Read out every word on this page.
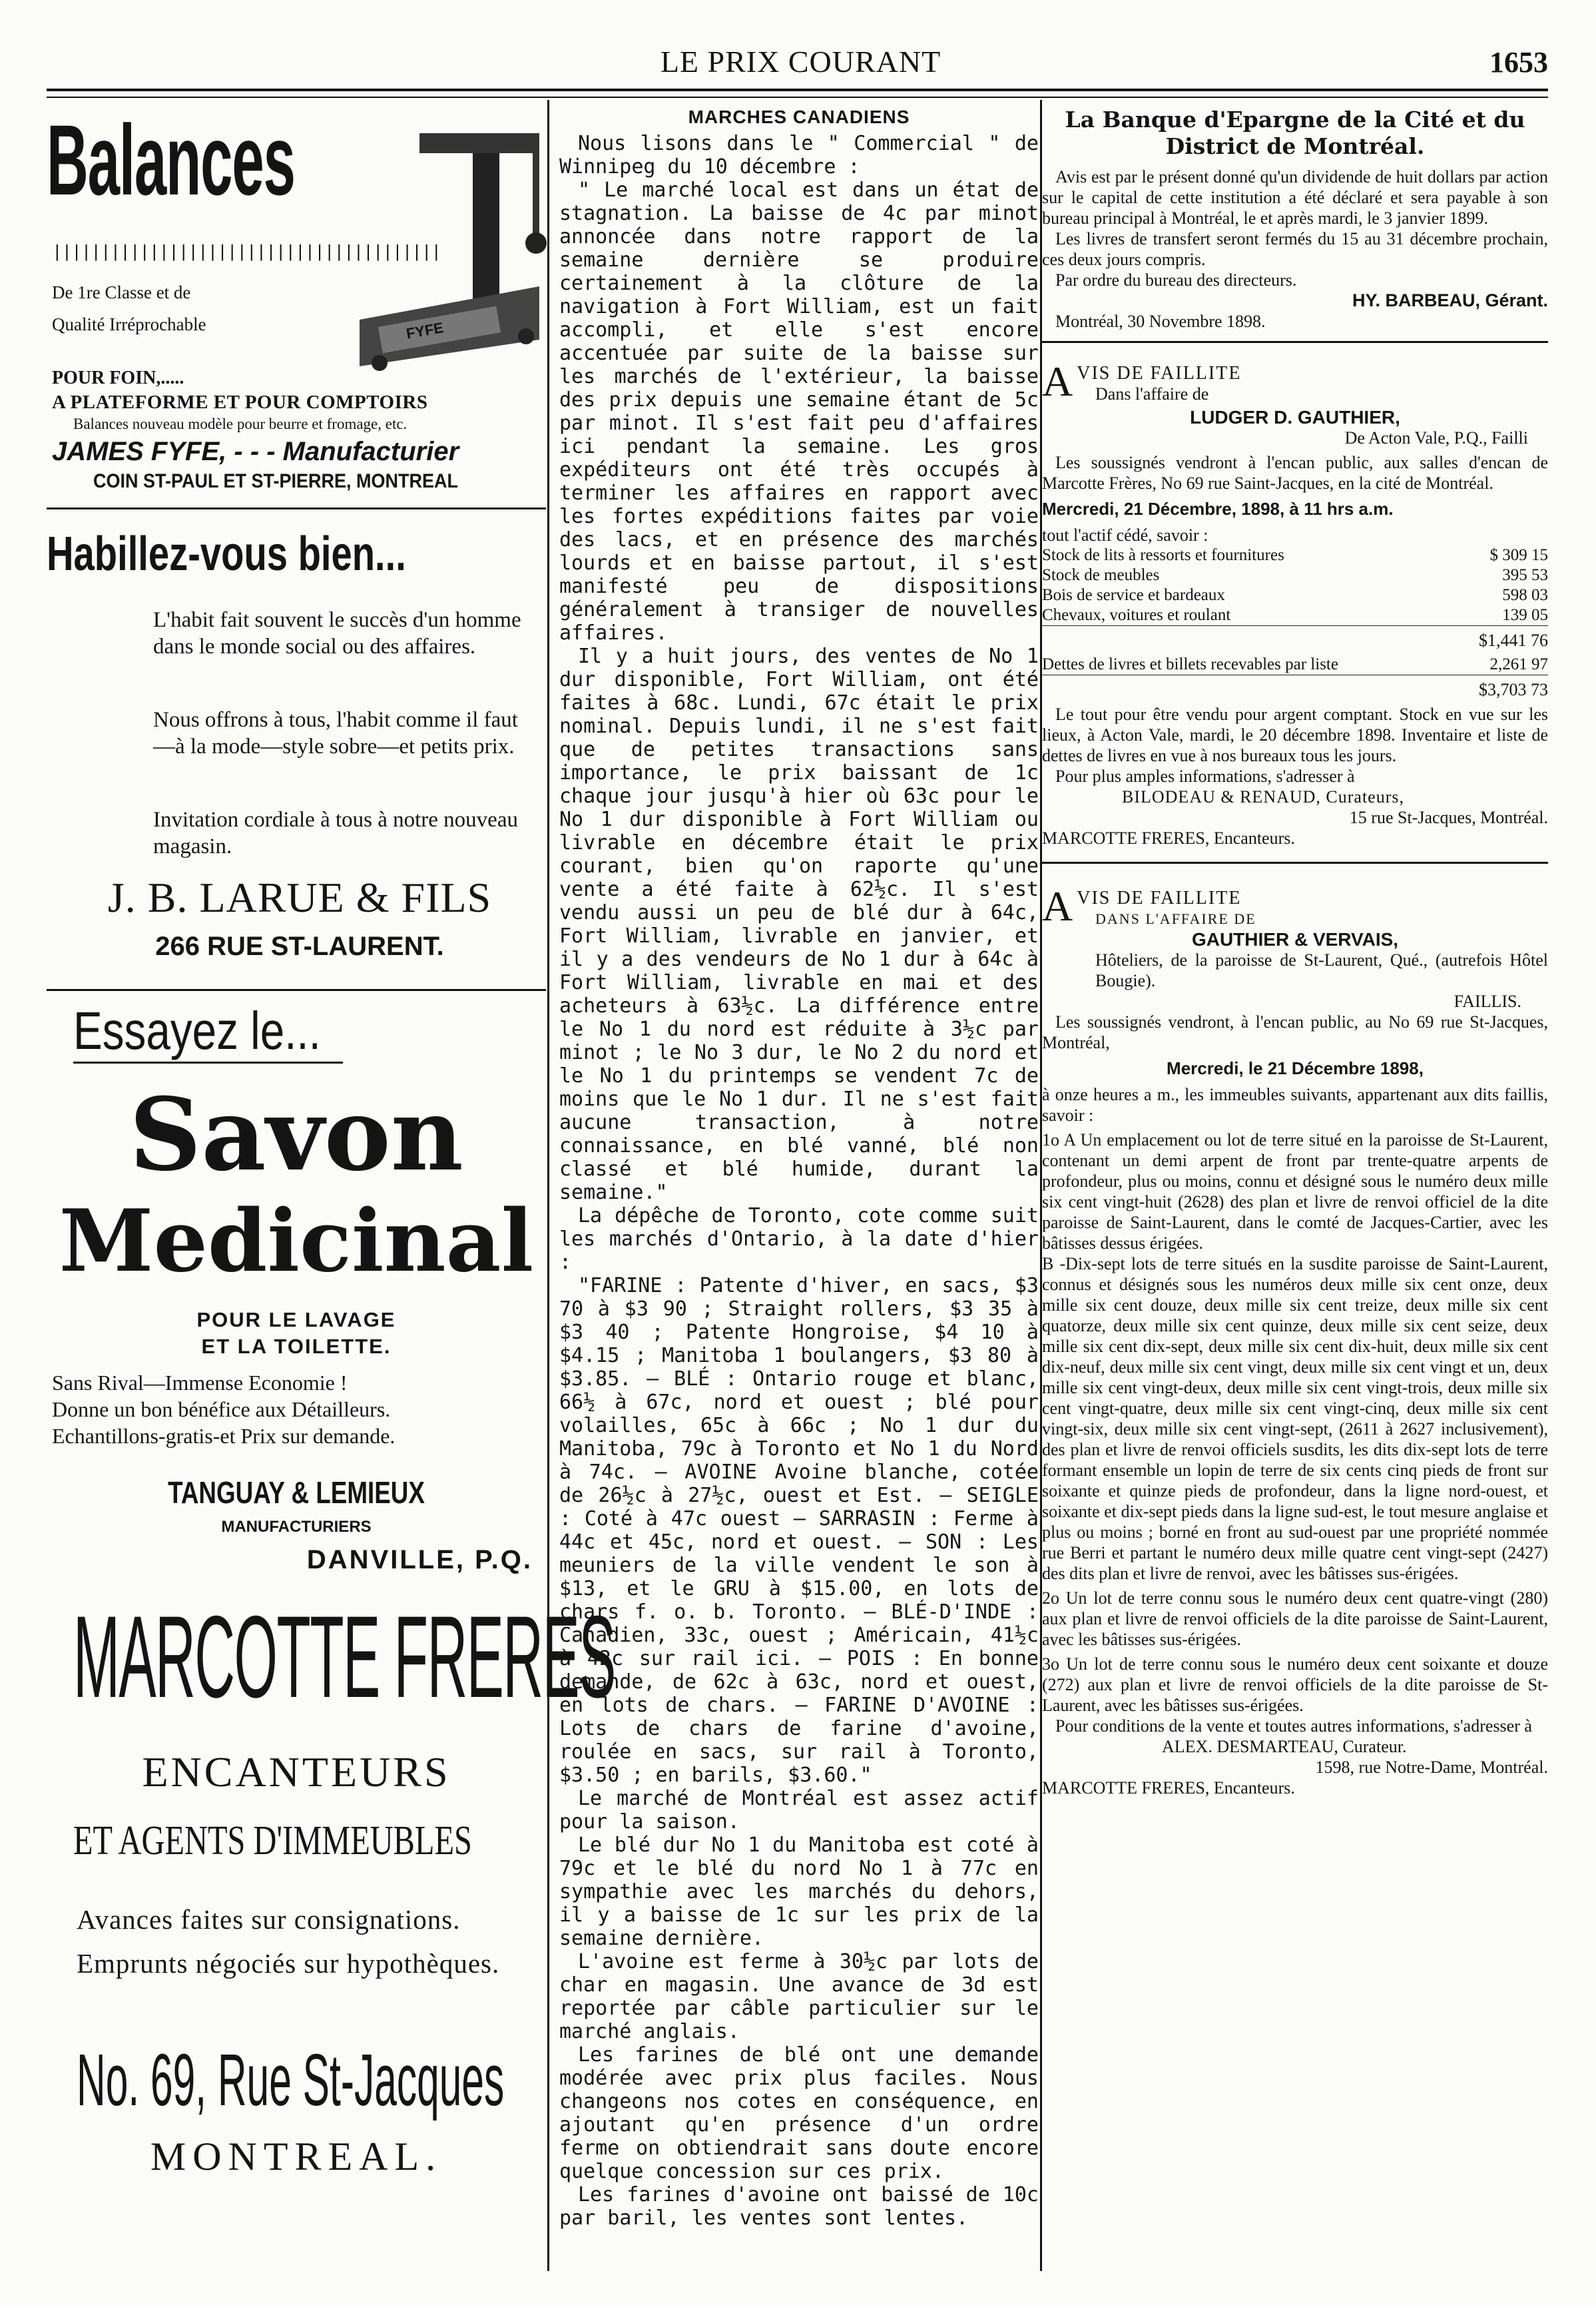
LE PRIX COURANT	1653
Balances
||||||||||||||||||||||||||||||||||||||||
De 1re Classe et de
Qualité Irréprochable	FYFE
POUR FOIN,.....
A PLATEFORME ET POUR COMPTOIRS
Balances nouveau modèle pour beurre et fromage, etc.
JAMES FYFE, - - - Manufacturier
COIN ST-PAUL ET ST-PIERRE, MONTREAL
Habillez-vous bien...
L'habit fait souvent le succès d'un homme dans le monde social ou des affaires.
Nous offrons à tous, l'habit comme il faut—à la mode—style sobre—et petits prix.
Invitation cordiale à tous à notre nouveau magasin.
J. B. LARUE & FILS
266 RUE ST-LAURENT.
Essayez le...
Savon
Medicinal
POUR LE LAVAGE
ET LA TOILETTE.
Sans Rival—Immense Economie !
Donne un bon bénéfice aux Détailleurs.
Echantillons-gratis-et Prix sur demande.
TANGUAY & LEMIEUX
MANUFACTURIERS
DANVILLE, P.Q.
MARCOTTE FRERES
ENCANTEURS
ET AGENTS D'IMMEUBLES
Avances faites sur consignations. Emprunts négociés sur hypothèques.
No. 69, Rue St-Jacques
MONTREAL.
MARCHES CANADIENS

Nous lisons dans le " Commercial " de Winnipeg du 10 décembre :

" Le marché local est dans un état de stagnation. La baisse de 4c par minot annoncée dans notre rapport de la semaine dernière se produire certainement à la clôture de la navigation à Fort William, est un fait accompli, et elle s'est encore accentuée par suite de la baisse sur les marchés de l'extérieur, la baisse des prix depuis une semaine étant de 5c par minot. Il s'est fait peu d'affaires ici pendant la semaine. Les gros expéditeurs ont été très occupés à terminer les affaires en rapport avec les fortes expéditions faites par voie des lacs, et en présence des marchés lourds et en baisse partout, il s'est manifesté peu de dispositions généralement à transiger de nouvelles affaires.

Il y a huit jours, des ventes de No 1 dur disponible, Fort William, ont été faites à 68c. Lundi, 67c était le prix nominal. Depuis lundi, il ne s'est fait que de petites transactions sans importance, le prix baissant de 1c chaque jour jusqu'à hier où 63c pour le No 1 dur disponible à Fort William ou livrable en décembre était le prix courant, bien qu'on raporte qu'une vente a été faite à 62½c. Il s'est vendu aussi un peu de blé dur à 64c, Fort William, livrable en janvier, et il y a des vendeurs de No 1 dur à 64c à Fort William, livrable en mai et des acheteurs à 63½c. La différence entre le No 1 du nord est réduite à 3½c par minot ; le No 3 dur, le No 2 du nord et le No 1 du printemps se vendent 7c de moins que le No 1 dur. Il ne s'est fait aucune transaction, à notre connaissance, en blé vanné, blé non classé et blé humide, durant la semaine."

La dépêche de Toronto, cote comme suit les marchés d'Ontario, à la date d'hier :

"FARINE : Patente d'hiver, en sacs, $3 70 à $3 90 ; Straight rollers, $3 35 à $3 40 ; Patente Hongroise, $4 10 à $4.15 ; Manitoba 1 boulangers, $3 80 à $3.85. — BLÉ : Ontario rouge et blanc, 66½ à 67c, nord et ouest ; blé pour volailles, 65c à 66c ; No 1 dur du Manitoba, 79c à Toronto et No 1 du Nord à 74c. — AVOINE Avoine blanche, cotée de 26½c à 27½c, ouest et Est. — SEIGLE : Coté à 47c ouest — SARRASIN : Ferme à 44c et 45c, nord et ouest. — SON : Les meuniers de la ville vendent le son à $13, et le GRU à $15.00, en lots de chars f. o. b. Toronto. — BLÉ-D'INDE : Canadien, 33c, ouest ; Américain, 41½c à 42c sur rail ici. — POIS : En bonne demande, de 62c à 63c, nord et ouest, en lots de chars. — FARINE D'AVOINE : Lots de chars de farine d'avoine, roulée en sacs, sur rail à Toronto, $3.50 ; en barils, $3.60."

Le marché de Montréal est assez actif pour la saison.

Le blé dur No 1 du Manitoba est coté à 79c et le blé du nord No 1 à 77c en sympathie avec les marchés du dehors, il y a baisse de 1c sur les prix de la semaine dernière.

L'avoine est ferme à 30½c par lots de char en magasin. Une avance de 3d est reportée par câble particulier sur le marché anglais.

Les farines de blé ont une demande modérée avec prix plus faciles. Nous changeons nos cotes en conséquence, en ajoutant qu'en présence d'un ordre ferme on obtiendrait sans doute encore quelque concession sur ces prix.

Les farines d'avoine ont baissé de 10c par baril, les ventes sont lentes.

La Banque d'Epargne de la Cité et du District de Montréal.

Avis est par le présent donné qu'un dividende de huit dollars par action sur le capital de cette institution a été déclaré et sera payable à son bureau principal à Montréal, le et après mardi, le 3 janvier 1899.

Les livres de transfert seront fermés du 15 au 31 décembre prochain, ces deux jours compris.

Par ordre du bureau des directeurs.

HY. BARBEAU, Gérant.

Montréal, 30 Novembre 1898.

A VIS DE FAILLITE
Dans l'affaire de
LUDGER D. GAUTHIER,
De Acton Vale, P.Q., Failli

Les soussignés vendront à l'encan public, aux salles d'encan de Marcotte Frères, No 69 rue Saint-Jacques, en la cité de Montréal.

Mercredi, 21 Décembre, 1898, à 11 hrs a.m.
tout l'actif cédé, savoir :
Stock de lits à ressorts et fournitures	$ 309 15
Stock de meubles	395 53
Bois de service et bardeaux	598 03
Chevaux, voitures et roulant	139 05
$1,441 76
Dettes de livres et billets recevables par liste	2,261 97
$3,703 73

Le tout pour être vendu pour argent comptant. Stock en vue sur les lieux, à Acton Vale, mardi, le 20 décembre 1898. Inventaire et liste de dettes de livres en vue à nos bureaux tous les jours.

Pour plus amples informations, s'adresser à

BILODEAU & RENAUD, Curateurs,
15 rue St-Jacques, Montréal.
MARCOTTE FRERES, Encanteurs.
A VIS DE FAILLITE
DANS L'AFFAIRE DE
GAUTHIER & VERVAIS,
Hôteliers, de la paroisse de St-Laurent, Qué., (autrefois Hôtel Bougie).
FAILLIS.

Les soussignés vendront, à l'encan public, au No 69 rue St-Jacques, Montréal,

Mercredi, le 21 Décembre 1898,

à onze heures a m., les immeubles suivants, appartenant aux dits faillis, savoir :

1o A Un emplacement ou lot de terre situé en la paroisse de St-Laurent, contenant un demi arpent de front par trente-quatre arpents de profondeur, plus ou moins, connu et désigné sous le numéro deux mille six cent vingt-huit (2628) des plan et livre de renvoi officiel de la dite paroisse de Saint-Laurent, dans le comté de Jacques-Cartier, avec les bâtisses dessus érigées.

B -Dix-sept lots de terre situés en la susdite paroisse de Saint-Laurent, connus et désignés sous les numéros deux mille six cent onze, deux mille six cent douze, deux mille six cent treize, deux mille six cent quatorze, deux mille six cent quinze, deux mille six cent seize, deux mille six cent dix-sept, deux mille six cent dix-huit, deux mille six cent dix-neuf, deux mille six cent vingt, deux mille six cent vingt et un, deux mille six cent vingt-deux, deux mille six cent vingt-trois, deux mille six cent vingt-quatre, deux mille six cent vingt-cinq, deux mille six cent vingt-six, deux mille six cent vingt-sept, (2611 à 2627 inclusivement), des plan et livre de renvoi officiels susdits, les dits dix-sept lots de terre formant ensemble un lopin de terre de six cents cinq pieds de front sur soixante et quinze pieds de profondeur, dans la ligne nord-ouest, et soixante et dix-sept pieds dans la ligne sud-est, le tout mesure anglaise et plus ou moins ; borné en front au sud-ouest par une propriété nommée rue Berri et partant le numéro deux mille quatre cent vingt-sept (2427) des dits plan et livre de renvoi, avec les bâtisses sus-érigées.

2o Un lot de terre connu sous le numéro deux cent quatre-vingt (280) aux plan et livre de renvoi officiels de la dite paroisse de Saint-Laurent, avec les bâtisses sus-érigées.

3o Un lot de terre connu sous le numéro deux cent soixante et douze (272) aux plan et livre de renvoi officiels de la dite paroisse de St-Laurent, avec les bâtisses sus-érigées.

Pour conditions de la vente et toutes autres informations, s'adresser à

ALEX. DESMARTEAU, Curateur.
1598, rue Notre-Dame, Montréal.
MARCOTTE FRERES, Encanteurs.
